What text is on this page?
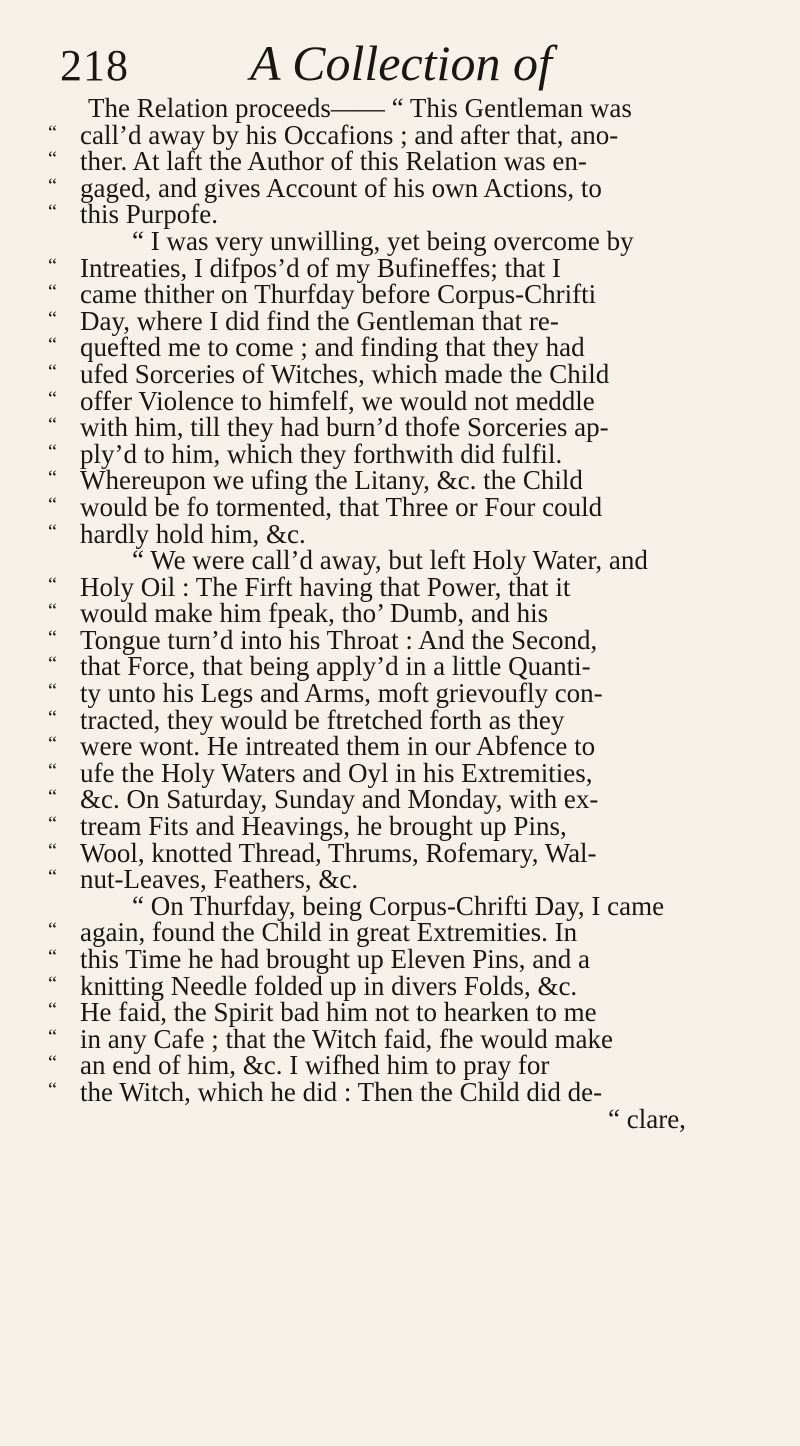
218 A Collection of
The Relation proceeds—— “ This Gentleman was
“ call’d away by his Occafions ; and after that, ano-
“ ther. At laft the Author of this Relation was en-
“ gaged, and gives Account of his own Actions, to
“ this Purpofe.
“ I was very unwilling, yet being overcome by
“ Intreaties, I difpos’d of my Bufineffes; that I
“ came thither on Thurfday before Corpus-Chrifti
“ Day, where I did find the Gentleman that re-
“ quefted me to come ; and finding that they had
“ ufed Sorceries of Witches, which made the Child
“ offer Violence to himfelf, we would not meddle
“ with him, till they had burn’d thofe Sorceries ap-
“ ply’d to him, which they forthwith did fulfil.
“ Whereupon we ufing the Litany, &c. the Child
“ would be fo tormented, that Three or Four could
“ hardly hold him, &c.
“ We were call’d away, but left Holy Water, and
“ Holy Oil : The Firft having that Power, that it
“ would make him fpeak, tho’ Dumb, and his
“ Tongue turn’d into his Throat : And the Second,
“ that Force, that being apply’d in a little Quanti-
“ ty unto his Legs and Arms, moft grievoufly con-
“ tracted, they would be ftretched forth as they
“ were wont. He intreated them in our Abfence to
“ ufe the Holy Waters and Oyl in his Extremities,
“ &c. On Saturday, Sunday and Monday, with ex-
“ tream Fits and Heavings, he brought up Pins,
“ Wool, knotted Thread, Thrums, Rofemary, Wal-
“ nut-Leaves, Feathers, &c.
“ On Thurfday, being Corpus-Chrifti Day, I came
“ again, found the Child in great Extremities. In
“ this Time he had brought up Eleven Pins, and a
“ knitting Needle folded up in divers Folds, &c.
“ He faid, the Spirit bad him not to hearken to me
“ in any Cafe ; that the Witch faid, fhe would make
“ an end of him, &c. I wifhed him to pray for
“ the Witch, which he did : Then the Child did de-
“ clare,
